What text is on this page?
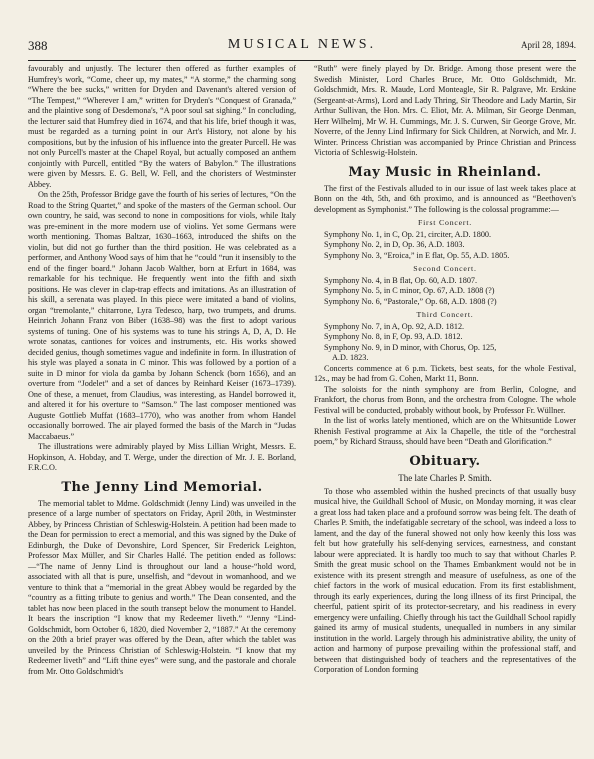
388	MUSICAL NEWS.	April 28, 1894.

favourably and unjustly. The lecturer then offered as further examples of Humfrey's work, “Come, cheer up, my mates,” “A storme,” the charming song “Where the bee sucks,” written for Dryden and Davenant's altered version of “The Tempest,” “Wherever I am,” written for Dryden's “Conquest of Granada,” and the plaintive song of Desdemona's, “A poor soul sat sighing.” In concluding, the lecturer said that Humfrey died in 1674, and that his life, brief though it was, must be regarded as a turning point in our Art's History, not alone by his compositions, but by the infusion of his influence into the greater Purcell. He was not only Purcell's master at the Chapel Royal, but actually composed an anthem conjointly with Purcell, entitled “By the waters of Babylon.” The illustrations were given by Messrs. E. G. Bell, W. Fell, and the choristers of Westminster Abbey.

On the 25th, Professor Bridge gave the fourth of his series of lectures, “On the Road to the String Quartet,” and spoke of the masters of the German school. Our own country, he said, was second to none in compositions for viols, while Italy was pre-eminent in the more modern use of violins. Yet some Germans were worth mentioning. Thomas Baltzar, 1630–1663, introduced the shifts on the violin, but did not go further than the third position. He was celebrated as a performer, and Anthony Wood says of him that he “could “run it insensibly to the end of the finger board.” Johann Jacob Walther, born at Erfurt in 1684, was remarkable for his technique. He frequently went into the fifth and sixth positions. He was clever in clap-trap effects and imitations. As an illustration of his skill, a serenata was played. In this piece were imitated a band of violins, organ “tremolante,” chitarrone, Lyra Tedesco, harp, two trumpets, and drums. Heinrich Johann Franz von Biber (1638–98) was the first to adopt various systems of tuning. One of his systems was to tune his strings A, D, A, D. He wrote sonatas, cantiones for voices and instruments, etc. His works showed decided genius, though sometimes vague and indefinite in form. In illustration of his style was played a sonata in C minor. This was followed by a portion of a suite in D minor for viola da gamba by Johann Schenck (born 1656), and an overture from “Jodelet” and a set of dances by Reinhard Keiser (1673–1739). One of these, a menuet, from Claudius, was interesting, as Handel borrowed it, and altered it for his overture to “Samson.” The last composer mentioned was Auguste Gottlieb Muffat (1683–1770), who was another from whom Handel occasionally borrowed. The air played formed the basis of the March in “Judas Maccabaeus.”

The illustrations were admirably played by Miss Lillian Wright, Messrs. E. Hopkinson, A. Hobday, and T. Werge, under the direction of Mr. J. E. Borland, F.R.C.O.

The Jenny Lind Memorial.

The memorial tablet to Mdme. Goldschmidt (Jenny Lind) was unveiled in the presence of a large number of spectators on Friday, April 20th, in Westminster Abbey, by Princess Christian of Schleswig-Holstein. A petition had been made to the Dean for permission to erect a memorial, and this was signed by the Duke of Edinburgh, the Duke of Devonshire, Lord Spencer, Sir Frederick Leighton, Professor Max Müller, and Sir Charles Hallé. The petition ended as follows:—“The name of Jenny Lind is throughout our land a house-“hold word, associated with all that is pure, unselfish, and “devout in womanhood, and we venture to think that a “memorial in the great Abbey would be regarded by the “country as a fitting tribute to genius and worth.” The Dean consented, and the tablet has now been placed in the south transept below the monument to Handel. It bears the inscription “I know that my Redeemer liveth.” “Jenny “Lind-Goldschmidt, born October 6, 1820, died November 2, “1887.” At the ceremony on the 20th a brief prayer was offered by the Dean, after which the tablet was unveiled by the Princess Christian of Schleswig-Holstein. “I know that my Redeemer liveth” and “Lift thine eyes” were sung, and the pastorale and chorale from Mr. Otto Goldschmidt's

“Ruth” were finely played by Dr. Bridge. Among those present were the Swedish Minister, Lord Charles Bruce, Mr. Otto Goldschmidt, Mr. Goldschmidt, Mrs. R. Maude, Lord Monteagle, Sir R. Palgrave, Mr. Erskine (Sergeant-at-Arms), Lord and Lady Thring, Sir Theodore and Lady Martin, Sir Arthur Sullivan, the Hon. Mrs. C. Eliot, Mr. A. Milman, Sir George Denman, Herr Wilhelmj, Mr W. H. Cummings, Mr. J. S. Curwen, Sir George Grove, Mr. Noverre, of the Jenny Lind Infirmary for Sick Children, at Norwich, and Mr. J. Winter. Princess Christian was accompanied by Prince Christian and Princess Victoria of Schleswig-Holstein.

May Music in Rheinland.

The first of the Festivals alluded to in our issue of last week takes place at Bonn on the 4th, 5th, and 6th proximo, and is announced as “Beethoven's development as Symphonist.” The following is the colossal programme:—

First Concert.
Symphony No. 1, in C, Op. 21, circiter, A.D. 1800.
Symphony No. 2, in D, Op. 36, A.D. 1803.
Symphony No. 3, “Eroica,” in E flat, Op. 55, A.D. 1805.
Second Concert.
Symphony No. 4, in B flat, Op. 60, A.D. 1807.
Symphony No. 5, in C minor, Op. 67, A.D. 1808 (?)
Symphony No. 6, “Pastorale,” Op. 68, A.D. 1808 (?)
Third Concert.
Symphony No. 7, in A, Op. 92, A.D. 1812.
Symphony No. 8, in F, Op. 93, A.D. 1812.
Symphony No. 9, in D minor, with Chorus, Op. 125,
A.D. 1823.

Concerts commence at 6 p.m. Tickets, best seats, for the whole Festival, 12s., may be had from G. Cohen, Markt 11, Bonn.

The soloists for the ninth symphony are from Berlin, Cologne, and Frankfort, the chorus from Bonn, and the orchestra from Cologne. The whole Festival will be conducted, probably without book, by Professor Fr. Wüllner.

In the list of works lately mentioned, which are on the Whitsuntide Lower Rhenish Festival programme at Aix la Chapelle, the title of the “orchestral poem,” by Richard Strauss, should have been “Death and Glorification.”

Obituary.
The late Charles P. Smith.

To those who assembled within the hushed precincts of that usually busy musical hive, the Guildhall School of Music, on Monday morning, it was clear a great loss had taken place and a profound sorrow was being felt. The death of Charles P. Smith, the indefatigable secretary of the school, was indeed a loss to lament, and the day of the funeral showed not only how keenly this loss was felt but how gratefully his self-denying services, earnestness, and constant labour were appreciated. It is hardly too much to say that without Charles P. Smith the great music school on the Thames Embankment would not be in existence with its present strength and measure of usefulness, as one of the chief factors in the work of musical education. From its first establishment, through its early experiences, during the long illness of its first Principal, the cheerful, patient spirit of its protector-secretary, and his readiness in every emergency were unfailing. Chiefly through his tact the Guildhall School rapidly gained its army of musical students, unequalled in numbers in any similar institution in the world. Largely through his administrative ability, the unity of action and harmony of purpose prevailing within the professional staff, and between that distinguished body of teachers and the representatives of the Corporation of London forming
